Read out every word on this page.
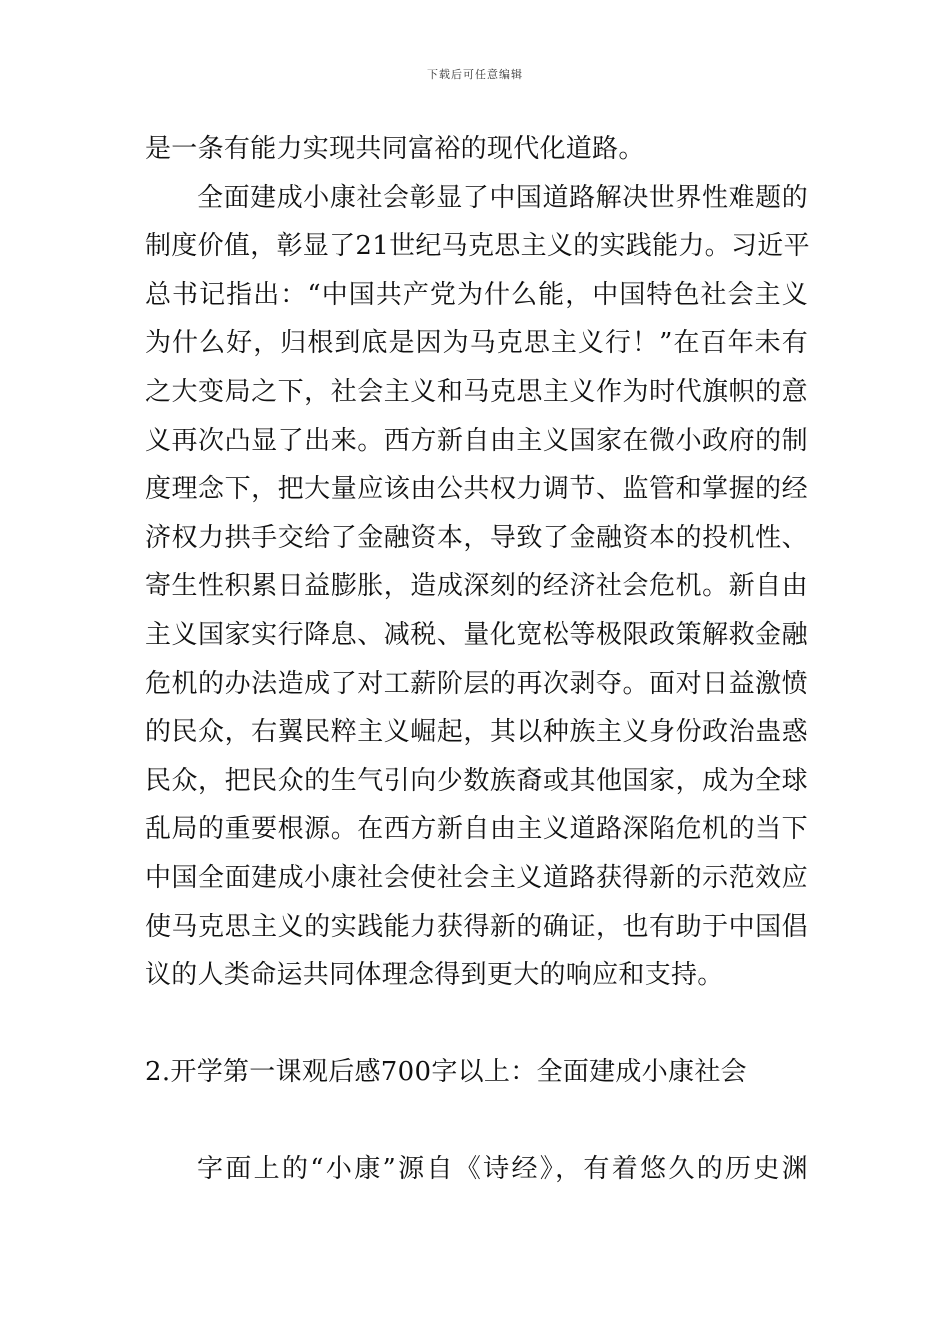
下载后可任意编辑
是一条有能力实现共同富裕的现代化道路。
全面建成小康社会彰显了中国道路解决世界性难题的
制度价值，彰显了21世纪马克思主义的实践能力。习近平
总书记指出：“中国共产党为什么能，中国特色社会主义
为什么好，归根到底是因为马克思主义行！”在百年未有
之大变局之下，社会主义和马克思主义作为时代旗帜的意
义再次凸显了出来。西方新自由主义国家在微小政府的制
度理念下，把大量应该由公共权力调节、监管和掌握的经
济权力拱手交给了金融资本，导致了金融资本的投机性、
寄生性积累日益膨胀，造成深刻的经济社会危机。新自由
主义国家实行降息、减税、量化宽松等极限政策解救金融
危机的办法造成了对工薪阶层的再次剥夺。面对日益激愤
的民众，右翼民粹主义崛起，其以种族主义身份政治蛊惑
民众，把民众的生气引向少数族裔或其他国家，成为全球
乱局的重要根源。在西方新自由主义道路深陷危机的当下
中国全面建成小康社会使社会主义道路获得新的示范效应
使马克思主义的实践能力获得新的确证，也有助于中国倡
议的人类命运共同体理念得到更大的响应和支持。
2.开学第一课观后感700字以上：全面建成小康社会
字面上的“小康”源自《诗经》，有着悠久的历史渊
